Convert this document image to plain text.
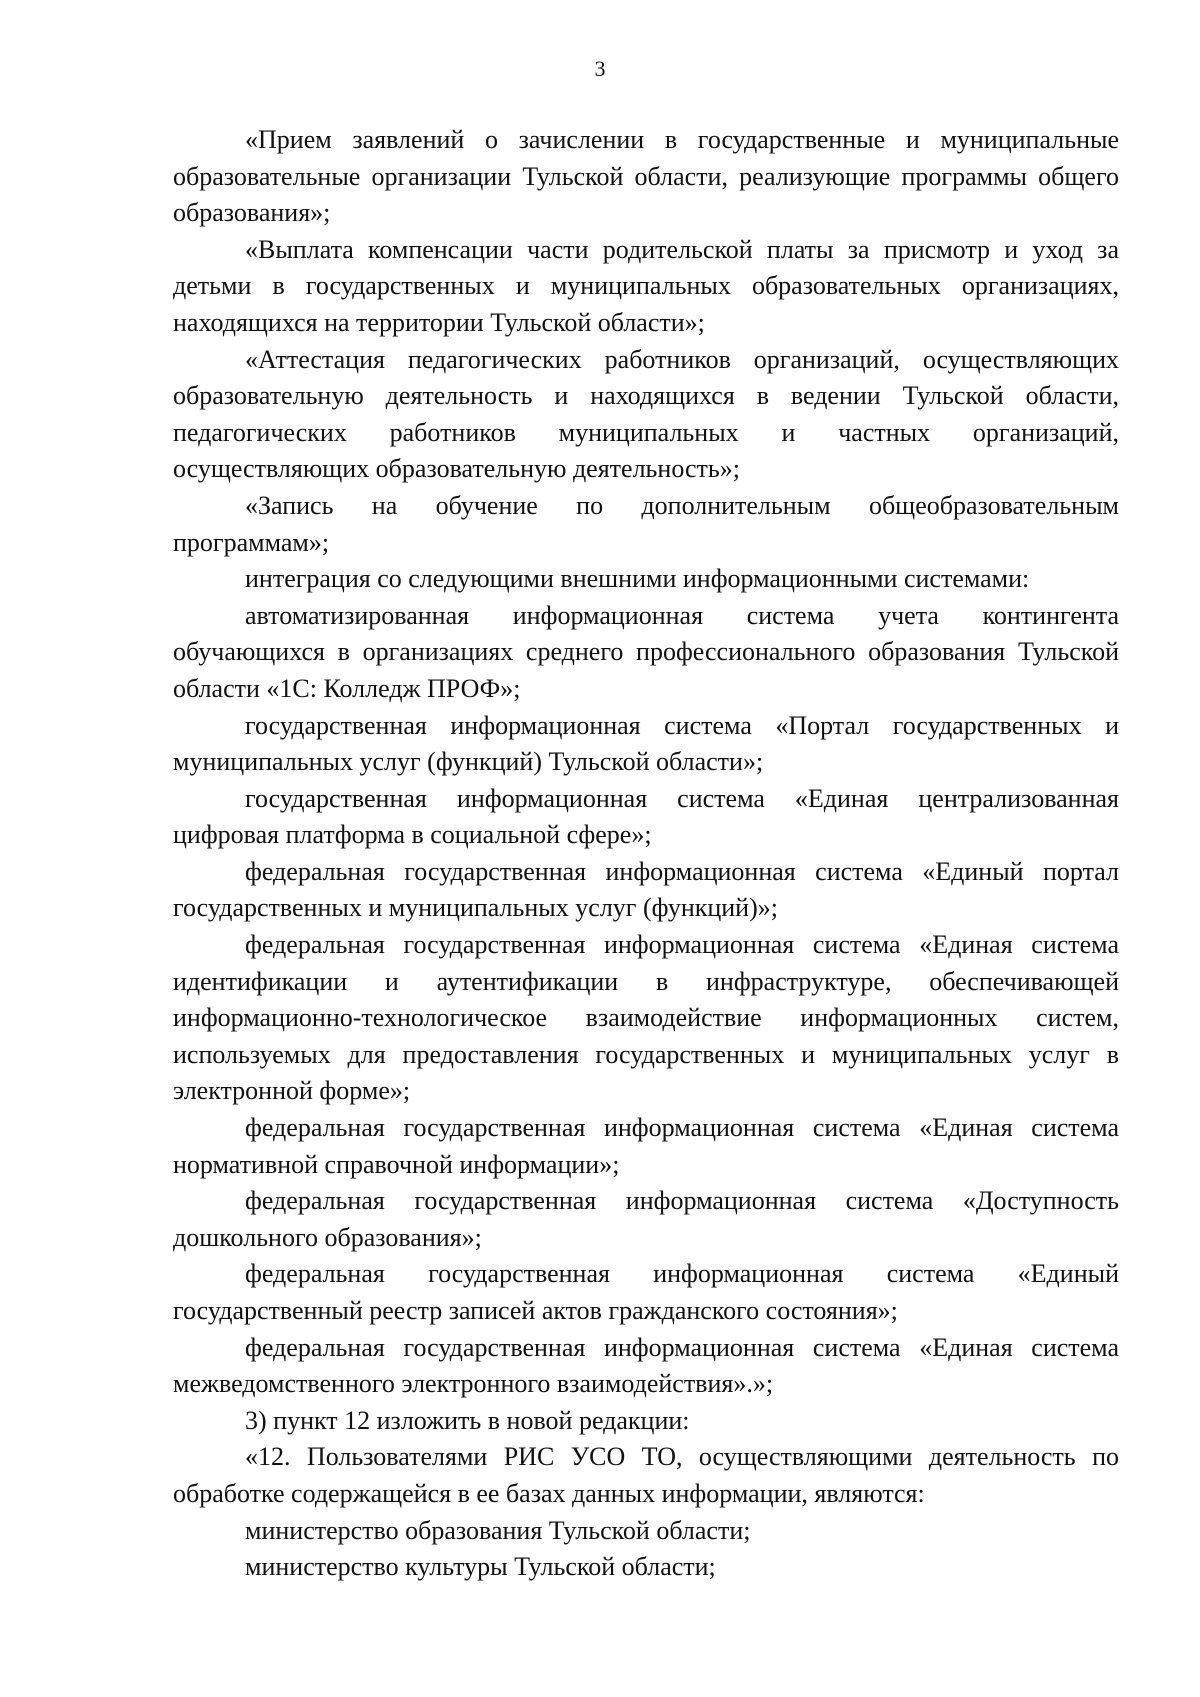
3

«Прием заявлений о зачислении в государственные и муниципальные образовательные организации Тульской области, реализующие программы общего образования»;

«Выплата компенсации части родительской платы за присмотр и уход за детьми в государственных и муниципальных образовательных организациях, находящихся на территории Тульской области»;

«Аттестация педагогических работников организаций, осуществляющих образовательную деятельность и находящихся в ведении Тульской области, педагогических работников муниципальных и частных организаций, осуществляющих образовательную деятельность»;

«Запись на обучение по дополнительным общеобразовательным программам»;

интеграция со следующими внешними информационными системами:

автоматизированная информационная система учета контингента обучающихся в организациях среднего профессионального образования Тульской области «1С: Колледж ПРОФ»;

государственная информационная система «Портал государственных и муниципальных услуг (функций) Тульской области»;

государственная информационная система «Единая централизованная цифровая платформа в социальной сфере»;

федеральная государственная информационная система «Единый портал государственных и муниципальных услуг (функций)»;

федеральная государственная информационная система «Единая система идентификации и аутентификации в инфраструктуре, обеспечивающей информационно-технологическое взаимодействие информационных систем, используемых для предоставления государственных и муниципальных услуг в электронной форме»;

федеральная государственная информационная система «Единая система нормативной справочной информации»;

федеральная государственная информационная система «Доступность дошкольного образования»;

федеральная государственная информационная система «Единый государственный реестр записей актов гражданского состояния»;

федеральная государственная информационная система «Единая система межведомственного электронного взаимодействия».»;

3) пункт 12 изложить в новой редакции:

«12. Пользователями РИС УСО ТО, осуществляющими деятельность по обработке содержащейся в ее базах данных информации, являются:

министерство образования Тульской области;

министерство культуры Тульской области;
